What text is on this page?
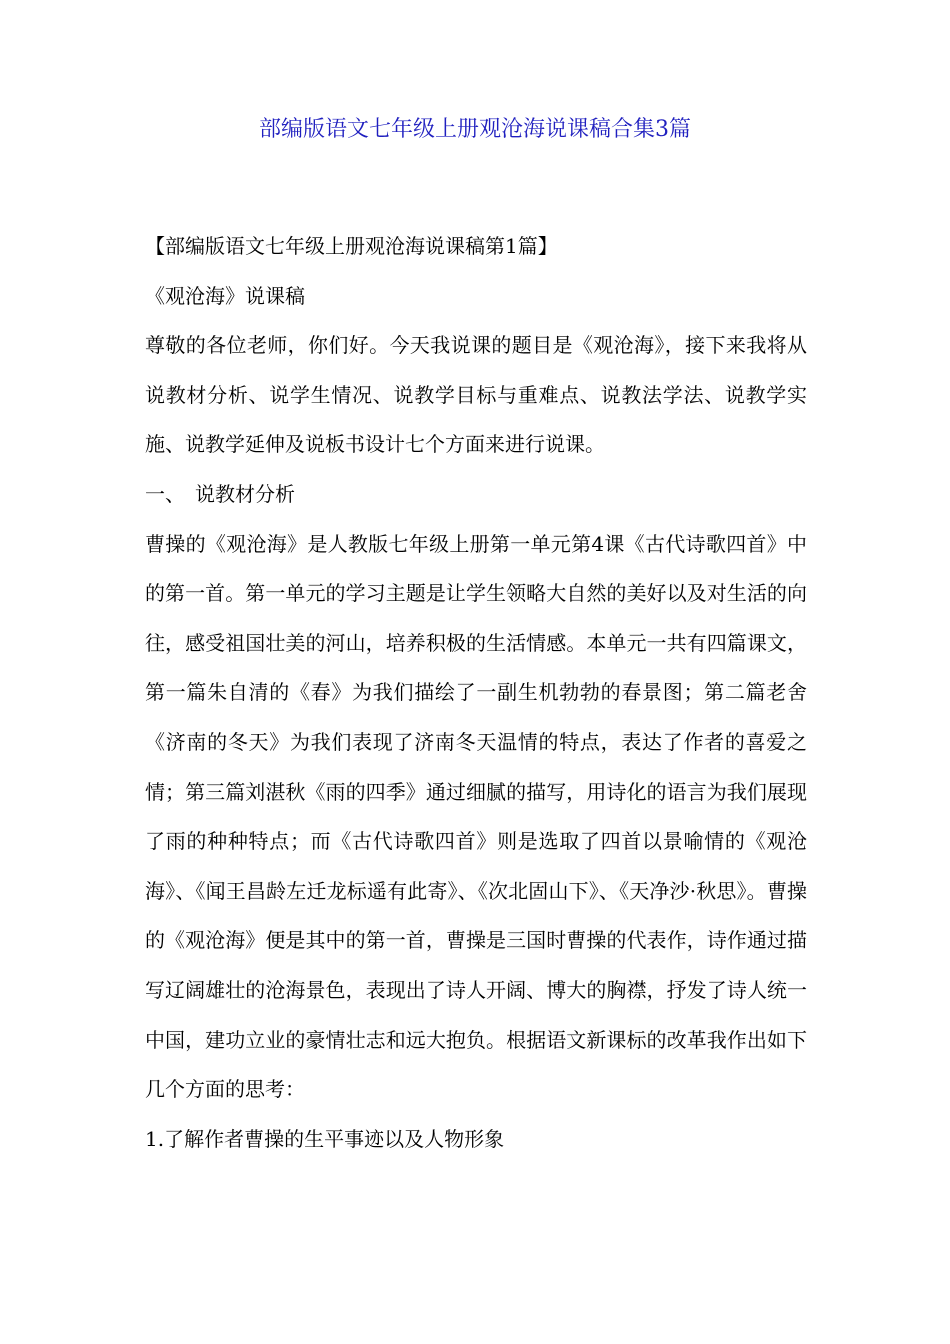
部编版语文七年级上册观沧海说课稿合集3篇

【部编版语文七年级上册观沧海说课稿第1篇】

《观沧海》说课稿

尊敬的各位老师，你们好。今天我说课的题目是《观沧海》，接下来我将从说教材分析、说学生情况、说教学目标与重难点、说教法学法、说教学实施、说教学延伸及说板书设计七个方面来进行说课。

一、　说教材分析

曹操的《观沧海》是人教版七年级上册第一单元第4课《古代诗歌四首》中的第一首。第一单元的学习主题是让学生领略大自然的美好以及对生活的向往，感受祖国壮美的河山，培养积极的生活情感。本单元一共有四篇课文，第一篇朱自清的《春》为我们描绘了一副生机勃勃的春景图；第二篇老舍《济南的冬天》为我们表现了济南冬天温情的特点，表达了作者的喜爱之情；第三篇刘湛秋《雨的四季》通过细腻的描写，用诗化的语言为我们展现了雨的种种特点；而《古代诗歌四首》则是选取了四首以景喻情的《观沧海》、《闻王昌龄左迁龙标遥有此寄》、《次北固山下》、《天净沙·秋思》。曹操的《观沧海》便是其中的第一首，曹操是三国时曹操的代表作，诗作通过描写辽阔雄壮的沧海景色，表现出了诗人开阔、博大的胸襟，抒发了诗人统一中国，建功立业的豪情壮志和远大抱负。根据语文新课标的改革我作出如下几个方面的思考：

1.了解作者曹操的生平事迹以及人物形象
